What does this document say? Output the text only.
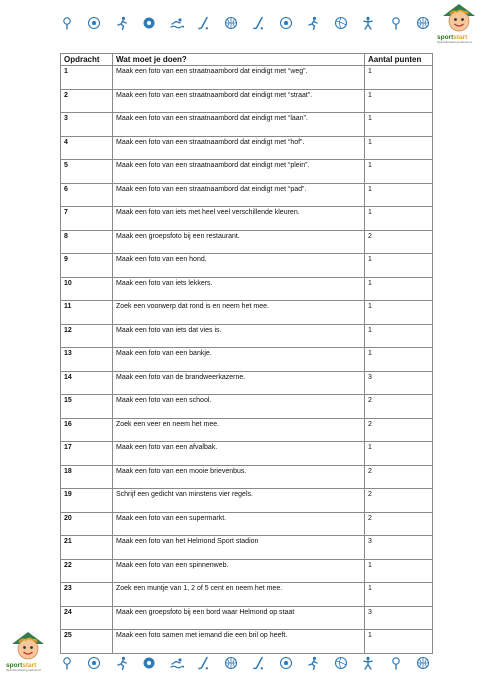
sportstart
Sportstimulering Helmond
Opdracht	Wat moet je doen?	Aantal punten
1	Maak een foto van een straatnaambord dat eindigt met “weg”.	1
2	Maak een foto van een straatnaambord dat eindigt met “straat”.	1
3	Maak een foto van een straatnaambord dat eindigt met “laan”.	1
4	Maak een foto van een straatnaambord dat eindigt met “hof”.	1
5	Maak een foto van een straatnaambord dat eindigt met “plein”.	1
6	Maak een foto van een straatnaambord dat eindigt met “pad”.	1
7	Maak een foto van iets met heel veel verschillende kleuren.	1
8	Maak een groepsfoto bij een restaurant.	2
9	Maak een foto van een hond.	1
10	Maak een foto van iets lekkers.	1
11	Zoek een voorwerp dat rond is en neem het mee.	1
12	Maak een foto van iets dat vies is.	1
13	Maak een foto van een bankje.	1
14	Maak een foto van de brandweerkazerne.	3
15	Maak een foto van een school.	2
16	Zoek een veer en neem het mee.	2
17	Maak een foto van een afvalbak.	1
18	Maak een foto van een mooie brievenbus.	2
19	Schrijf een gedicht van minstens vier regels.	2
20	Maak een foto van een supermarkt.	2
21	Maak een foto van het Helmond Sport stadion	3
22	Maak een foto van een spinnenweb.	1
23	Zoek een muntje van 1, 2 of 5 cent en neem het mee.	1
24	Maak een groepsfoto bij een bord waar Helmond op staat	3
25	Maak een foto samen met iemand die een bril op heeft.	1
sportstart
Sportstimulering Helmond
